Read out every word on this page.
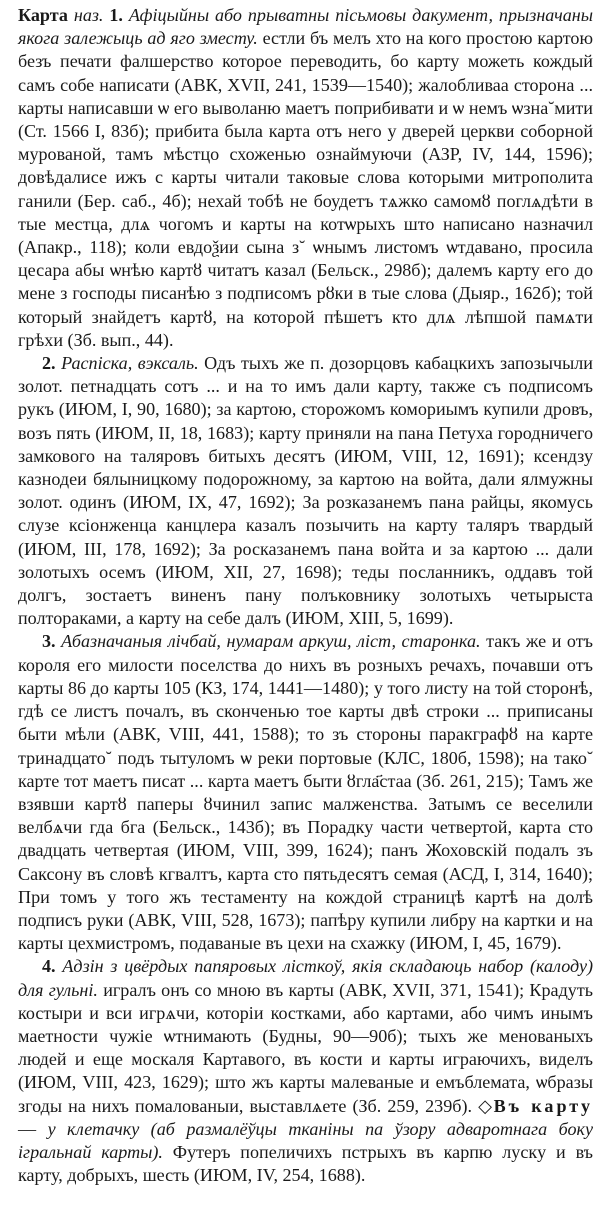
Карта наз. 1. Афіцыйны або прыватны пісьмовы дакумент, прызначаны якога залежыць ад яго зместу. естли бъ мелъ хто на кого простою картою безъ печати фалшерство которое переводить, бо карту можеть кождый самъ собе написати (АВК, XVII, 241, 1539—1540); жалобливаа сторона ... карты написавши ѡ его выволаню маетъ поприбивати и ѡ немъ ѡзна˘мити (Ст. 1566 I, 83б); прибита была карта отъ него у дверей церкви соборной мурованой, тамъ мѣстцо схоженью ознаймуючи (АЗР, IV, 144, 1596); довѣдалисе ижъ с карты читали таковые слова которыми митрополита ганили (Бер. саб., 4б); нехай тобѣ не боудетъ тѧжко самомȣ поглѧдѣти в тые местца, длѧ чогомъ и карты на котѡрыхъ што написано назначил (Апакр., 118); коли евдоѯии сына з˘ ѡнымъ листомъ ѡтдавано, просила цесара абы ѡнѣю картȣ читатъ казал (Бельск., 298б); далемъ карту его до мене з господы писанѣю з подписомъ рȣки в тые слова (Дыяр., 162б); той который знайдетъ картȣ, на которой пѣшетъ кто длѧ лѣпшой памѧти грѣхи (Зб. вып., 44).

2. Распіска, вэксаль. Одъ тыхъ же п. дозорцовъ кабацкихъ запозычыли золот. петнадцать сотъ ... и на то имъ дали карту, также съ подписомъ рукъ (ИЮМ, I, 90, 1680); за картою, сторожомъ комориымъ купили дровъ, возъ пять (ИЮМ, II, 18, 1683); карту приняли на пана Петуха городничего замкового на таляровъ битыхъ десятъ (ИЮМ, VIII, 12, 1691); ксендзу казнодеи бялыницкому подорожному, за картою на войта, дали ялмужны золот. одинъ (ИЮМ, IX, 47, 1692); За розказанемъ пана райцы, якомусь слузе ксіонженца канцлера казалъ позычить на карту таляръ твардый (ИЮМ, III, 178, 1692); За росказанемъ пана войта и за картою ... дали золотыхъ осемъ (ИЮМ, XII, 27, 1698); теды посланникъ, оддавъ той долгъ, зостаетъ виненъ пану полъковнику золотыхъ четырыста полтораками, а карту на себе далъ (ИЮМ, XIII, 5, 1699).

3. Абазначаныя лічбай, нумарам аркуш, ліст, старонка. такъ же и отъ короля его милости поселства до нихъ въ розныхъ речахъ, почавши отъ карты 86 до карты 105 (КЗ, 174, 1441—1480); у того листу на той сторонѣ, гдѣ се листъ почалъ, въ сконченью тое карты двѣ строки ... приписаны быти мѣли (АВК, VIII, 441, 1588); то зъ стороны паракграфȣ на карте тринадцато˘ подъ тытуломъ ѡ реки портовые (КЛС, 180б, 1598); на тако˘ карте тот маетъ писат ... карта маетъ быти ȣгла҃стаа (Зб. 261, 215); Тамъ же взявши картȣ паперы ȣчинил запис малженства. Затымъ се веселили велбѧчи гда бга (Бельск., 143б); въ Порадку части четвертой, карта сто двадцать четвертая (ИЮМ, VIII, 399, 1624); панъ Жоховскій подалъ зъ Саксону въ словѣ кгвалтъ, карта сто пятьдесятъ семая (АСД, I, 314, 1640); При томъ у того жъ тестаменту на кождой страницѣ картѣ на долѣ подписъ руки (АВК, VIII, 528, 1673); папѣру купили либру на картки и на карты цехмистромъ, подаваные въ цехи на схажку (ИЮМ, I, 45, 1679).

4. Адзін з цвёрдых папяровых лісткоў, якія складаюць набор (калоду) для гульні. игралъ онъ со мною въ карты (АВК, XVII, 371, 1541); Крадуть костыри и вси игрѧчи, которіи костками, або картами, або чимъ инымъ маетности чужіе ѡтнимають (Будны, 90—90б); тыхъ же менованыхъ людей и еще москаля Картавого, въ кости и карты играючихъ, виделъ (ИЮМ, VIII, 423, 1629); што жъ карты малеваные и емъблемата, ѡбразы згоды на нихъ помалованыи, выставлѧете (Зб. 259, 239б). ◇Въ карту — у клетачку (аб размалёўцы тканіны па ўзору адваротнага боку ігральнай карты). Футеръ попеличихъ пстрыхъ въ карпю лускy и въ карту, добрыхъ, шесть (ИЮМ, IV, 254, 1688).
